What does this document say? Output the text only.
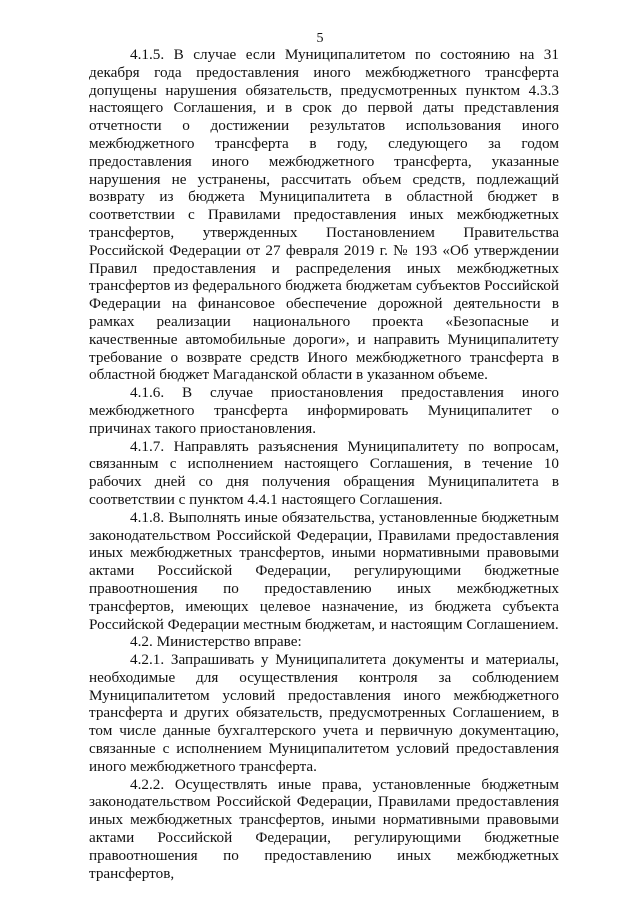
5

4.1.5. В случае если Муниципалитетом по состоянию на 31 декабря года предоставления иного межбюджетного трансферта допущены нарушения обязательств, предусмотренных пунктом 4.3.3 настоящего Соглашения, и в срок до первой даты представления отчетности о достижении результатов использования иного межбюджетного трансферта в году, следующего за годом предоставления иного межбюджетного трансферта, указанные нарушения не устранены, рассчитать объем средств, подлежащий возврату из бюджета Муниципалитета в областной бюджет в соответствии с Правилами предоставления иных межбюджетных трансфертов, утвержденных Постановлением Правительства Российской Федерации от 27 февраля 2019 г. № 193 «Об утверждении Правил предоставления и распределения иных межбюджетных трансфертов из федерального бюджета бюджетам субъектов Российской Федерации на финансовое обеспечение дорожной деятельности в рамках реализации национального проекта «Безопасные и качественные автомобильные дороги», и направить Муниципалитету требование о возврате средств Иного межбюджетного трансферта в областной бюджет Магаданской области в указанном объеме.

4.1.6. В случае приостановления предоставления иного межбюджетного трансферта информировать Муниципалитет о причинах такого приостановления.

4.1.7. Направлять разъяснения Муниципалитету по вопросам, связанным с исполнением настоящего Соглашения, в течение 10 рабочих дней со дня получения обращения Муниципалитета в соответствии с пунктом 4.4.1 настоящего Соглашения.

4.1.8. Выполнять иные обязательства, установленные бюджетным законодательством Российской Федерации, Правилами предоставления иных межбюджетных трансфертов, иными нормативными правовыми актами Российской Федерации, регулирующими бюджетные правоотношения по предоставлению иных межбюджетных трансфертов, имеющих целевое назначение, из бюджета субъекта Российской Федерации местным бюджетам, и настоящим Соглашением.

4.2. Министерство вправе:

4.2.1. Запрашивать у Муниципалитета документы и материалы, необходимые для осуществления контроля за соблюдением Муниципалитетом условий предоставления иного межбюджетного трансферта и других обязательств, предусмотренных Соглашением, в том числе данные бухгалтерского учета и первичную документацию, связанные с исполнением Муниципалитетом условий предоставления иного межбюджетного трансферта.

4.2.2. Осуществлять иные права, установленные бюджетным законодательством Российской Федерации, Правилами предоставления иных межбюджетных трансфертов, иными нормативными правовыми актами Российской Федерации, регулирующими бюджетные правоотношения по предоставлению иных межбюджетных трансфертов,
